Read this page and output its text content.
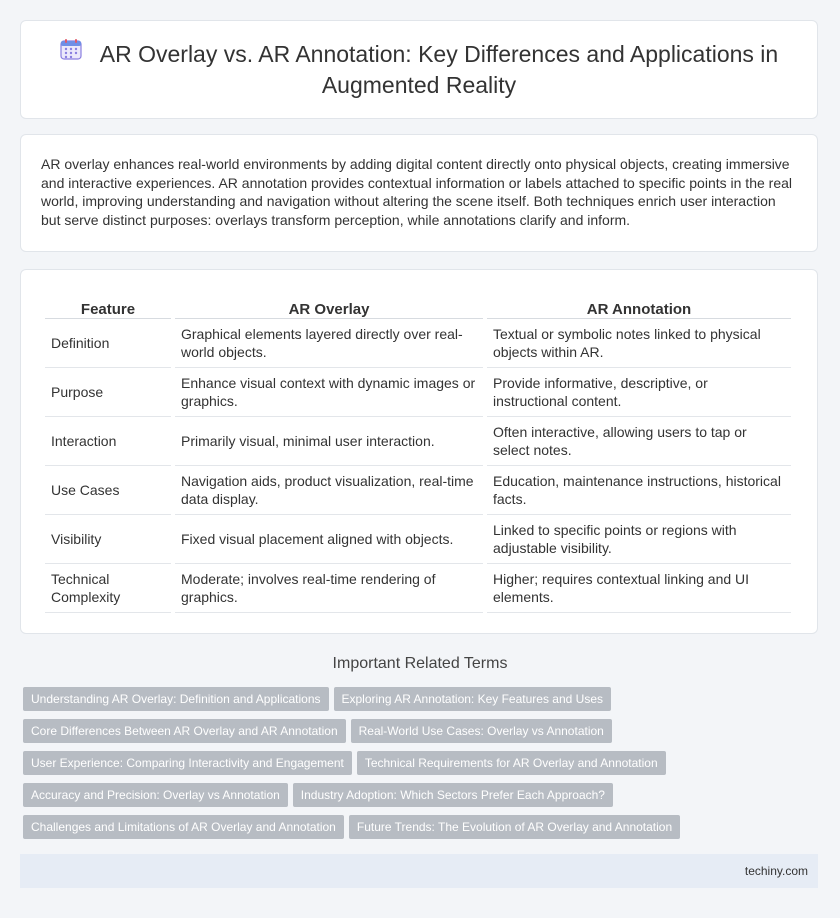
AR Overlay vs. AR Annotation: Key Differences and Applications in Augmented Reality

AR overlay enhances real-world environments by adding digital content directly onto physical objects, creating immersive and interactive experiences. AR annotation provides contextual information or labels attached to specific points in the real world, improving understanding and navigation without altering the scene itself. Both techniques enrich user interaction but serve distinct purposes: overlays transform perception, while annotations clarify and inform.

Feature	AR Overlay	AR Annotation
Definition	Graphical elements layered directly over real-world objects.	Textual or symbolic notes linked to physical objects within AR.
Purpose	Enhance visual context with dynamic images or graphics.	Provide informative, descriptive, or instructional content.
Interaction	Primarily visual, minimal user interaction.	Often interactive, allowing users to tap or select notes.
Use Cases	Navigation aids, product visualization, real-time data display.	Education, maintenance instructions, historical facts.
Visibility	Fixed visual placement aligned with objects.	Linked to specific points or regions with adjustable visibility.
Technical Complexity	Moderate; involves real-time rendering of graphics.	Higher; requires contextual linking and UI elements.
Important Related Terms
Understanding AR Overlay: Definition and Applications Exploring AR Annotation: Key Features and Uses
Core Differences Between AR Overlay and AR Annotation Real-World Use Cases: Overlay vs Annotation
User Experience: Comparing Interactivity and Engagement Technical Requirements for AR Overlay and Annotation
Accuracy and Precision: Overlay vs Annotation Industry Adoption: Which Sectors Prefer Each Approach?
Challenges and Limitations of AR Overlay and Annotation Future Trends: The Evolution of AR Overlay and Annotation
techiny.com
